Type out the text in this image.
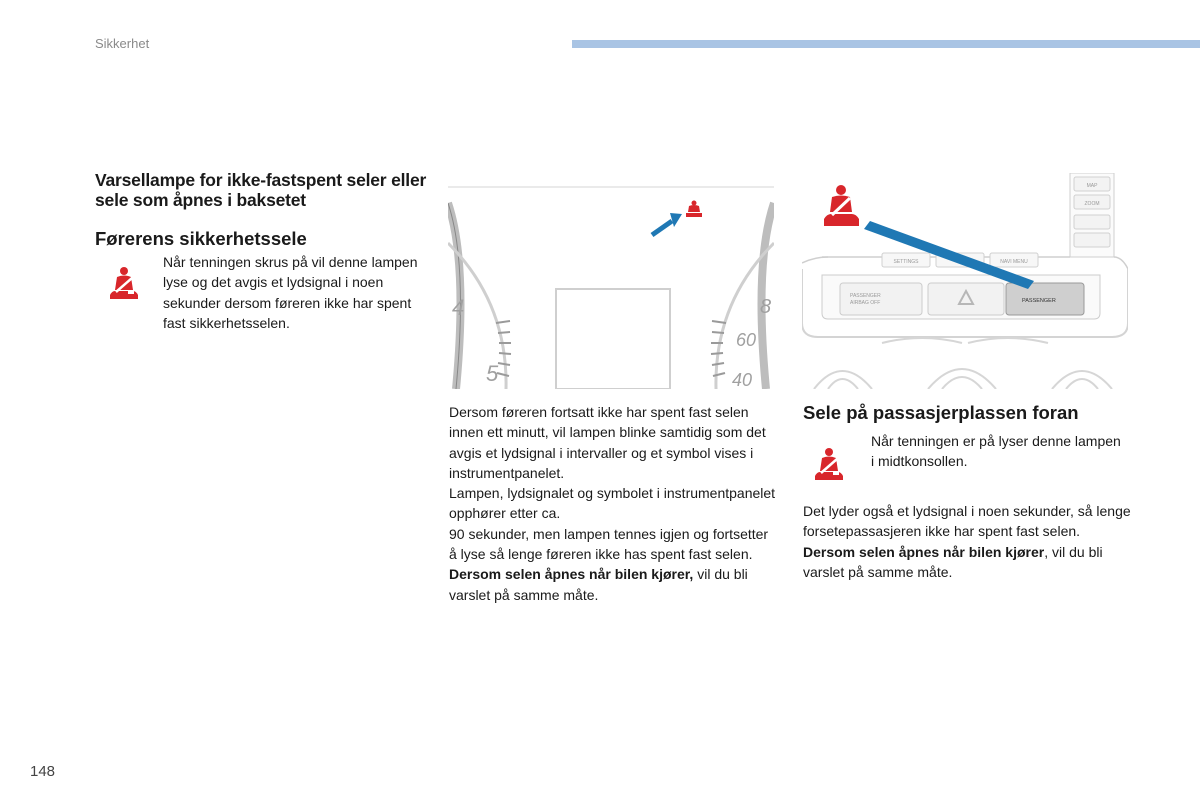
Sikkerhet
Varsellampe for ikke-fastspent seler eller sele som åpnes i baksetet
Førerens sikkerhetssele
Når tenningen skrus på vil denne lampen lyse og det avgis et lydsignal i noen sekunder dersom føreren ikke har spent fast sikkerhetsselen.
4
5
8
60
40
MAP
ZOOM
SETTINGS	NAVI MENU
PASSENGER
AIRBAG OFF	PASSENGER

Dersom føreren fortsatt ikke har spent fast selen innen ett minutt, vil lampen blinke samtidig som det avgis et lydsignal i intervaller og et symbol vises i instrumentpanelet.

Lampen, lydsignalet og symbolet i instrumentpanelet opphører etter ca.

90 sekunder, men lampen tennes igjen og fortsetter å lyse så lenge føreren ikke has spent fast selen.

Dersom selen åpnes når bilen kjører, vil du bli varslet på samme måte.

Sele på passasjerplassen foran
Når tenningen er på lyser denne lampen i midtkonsollen.

Det lyder også et lydsignal i noen sekunder, så lenge forsetepassasjeren ikke har spent fast selen.

Dersom selen åpnes når bilen kjører, vil du bli varslet på samme måte.

148
